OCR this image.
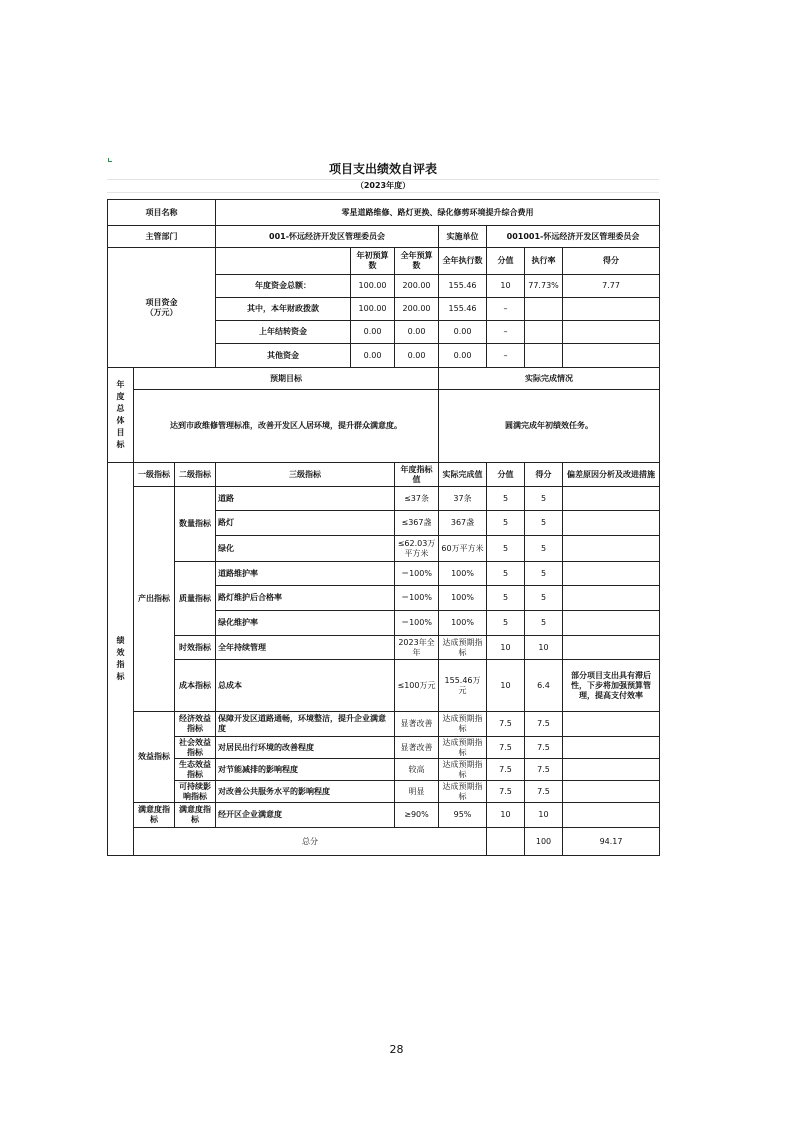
项目支出绩效自评表
（2023年度）
项目名称			零星道路维修、路灯更换、绿化修剪环境提升综合费用							
主管部门			001-怀远经济开发区管理委员会			实施单位	001001-怀远经济开发区管理委员会			
项目资金
（万元）				年初预算数	全年预算数	全年执行数	分值	执行率	得分	
			年度资金总额：	100.00	200.00	155.46	10	77.73%	7.77	
			其中，本年财政拨款	100.00	200.00	155.46	–			
			上年结转资金	0.00	0.00	0.00	–			
			其他资金	0.00	0.00	0.00	–			
年度总体目标	预期目标					实际完成情况				
	达到市政维修管理标准，改善开发区人居环境，提升群众满意度。					圆满完成年初绩效任务。				
绩效指标	一级指标	二级指标	三级指标		年度指标值	实际完成值	分值	得分	偏差原因分析及改进措施	
	产出指标	数量指标	道路		≤37条	37条	5	5		
			路灯		≤367盏	367盏	5	5		
			绿化		≤62.03万平方米	60万平方米	5	5		
		质量指标	道路维护率		＝100%	100%	5	5		
			路灯维护后合格率		＝100%	100%	5	5		
			绿化维护率		＝100%	100%	5	5		
		时效指标	全年持续管理		2023年全年	达成预期指标	10	10		
		成本指标	总成本		≤100万元	155.46万元	10	6.4	部分项目支出具有滞后性，下步将加强预算管理，提高支付效率	
	效益指标	经济效益指标	保障开发区道路通畅，环境整洁，提升企业满意度		显著改善	达成预期指标	7.5	7.5		
		社会效益指标	对居民出行环境的改善程度		显著改善	达成预期指标	7.5	7.5		
		生态效益指标	对节能减排的影响程度		较高	达成预期指标	7.5	7.5		
		可持续影响指标	对改善公共服务水平的影响程度		明显	达成预期指标	7.5	7.5		
	满意度指标	满意度指标	经开区企业满意度		≥90%	95%	10	10		
	总分							100	94.17	
28
